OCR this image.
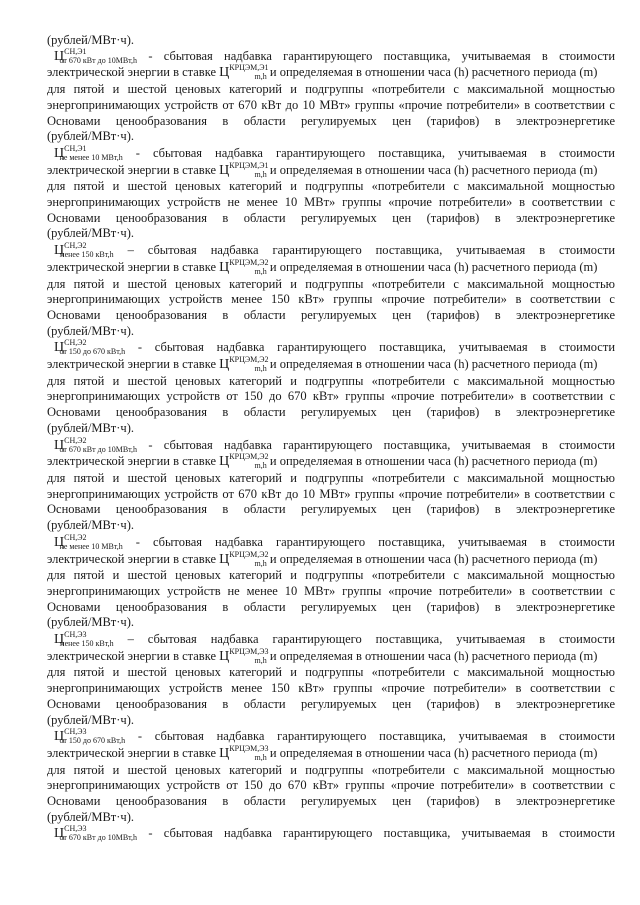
(рублей/МВт·ч).
$Ц^{СН,Э1}_{от 670 кВт до 10МВт,h}$ - сбытовая надбавка гарантирующего поставщика, учитываемая в стоимости
электрической энергии в ставке $Ц^{КРЦЭМ,Э1}_{m,h}$ и определяемая в отношении часа (h) расчетного периода (m)
для пятой и шестой ценовых категорий и подгруппы «потребители с максимальной мощностью
энергопринимающих устройств от 670 кВт до 10 МВт» группы «прочие потребители» в соответствии с
Основами ценообразования в области регулируемых цен (тарифов) в электроэнергетике
(рублей/МВт·ч).
$Ц^{СН,Э1}_{не менее 10 МВт,h}$ - сбытовая надбавка гарантирующего поставщика, учитываемая в стоимости
электрической энергии в ставке $Ц^{КРЦЭМ,Э1}_{m,h}$ и определяемая в отношении часа (h) расчетного периода (m)
для пятой и шестой ценовых категорий и подгруппы «потребители с максимальной мощностью
энергопринимающих устройств не менее 10 МВт» группы «прочие потребители» в соответствии с
Основами ценообразования в области регулируемых цен (тарифов) в электроэнергетике
(рублей/МВт·ч).
$Ц^{СН,Э2}_{менее 150 кВт,h}$ – сбытовая надбавка гарантирующего поставщика, учитываемая в стоимости
электрической энергии в ставке $Ц^{КРЦЭМ,Э2}_{m,h}$ и определяемая в отношении часа (h) расчетного периода (m)
для пятой и шестой ценовых категорий и подгруппы «потребители с максимальной мощностью
энергопринимающих устройств менее 150 кВт» группы «прочие потребители» в соответствии с
Основами ценообразования в области регулируемых цен (тарифов) в электроэнергетике
(рублей/МВт·ч).
$Ц^{СН,Э2}_{от 150 до 670 кВт,h}$ - сбытовая надбавка гарантирующего поставщика, учитываемая в стоимости
электрической энергии в ставке $Ц^{КРЦЭМ,Э2}_{m,h}$ и определяемая в отношении часа (h) расчетного периода (m)
для пятой и шестой ценовых категорий и подгруппы «потребители с максимальной мощностью
энергопринимающих устройств от 150 до 670 кВт» группы «прочие потребители» в соответствии с
Основами ценообразования в области регулируемых цен (тарифов) в электроэнергетике
(рублей/МВт·ч).
$Ц^{СН,Э2}_{от 670 кВт до 10МВт,h}$ - сбытовая надбавка гарантирующего поставщика, учитываемая в стоимости
электрической энергии в ставке $Ц^{КРЦЭМ,Э2}_{m,h}$ и определяемая в отношении часа (h) расчетного периода (m)
для пятой и шестой ценовых категорий и подгруппы «потребители с максимальной мощностью
энергопринимающих устройств от 670 кВт до 10 МВт» группы «прочие потребители» в соответствии с
Основами ценообразования в области регулируемых цен (тарифов) в электроэнергетике
(рублей/МВт·ч).
$Ц^{СН,Э2}_{не менее 10 МВт,h}$ - сбытовая надбавка гарантирующего поставщика, учитываемая в стоимости
электрической энергии в ставке $Ц^{КРЦЭМ,Э2}_{m,h}$ и определяемая в отношении часа (h) расчетного периода (m)
для пятой и шестой ценовых категорий и подгруппы «потребители с максимальной мощностью
энергопринимающих устройств не менее 10 МВт» группы «прочие потребители» в соответствии с
Основами ценообразования в области регулируемых цен (тарифов) в электроэнергетике
(рублей/МВт·ч).
$Ц^{СН,Э3}_{менее 150 кВт,h}$ – сбытовая надбавка гарантирующего поставщика, учитываемая в стоимости
электрической энергии в ставке $Ц^{КРЦЭМ,Э3}_{m,h}$ и определяемая в отношении часа (h) расчетного периода (m)
для пятой и шестой ценовых категорий и подгруппы «потребители с максимальной мощностью
энергопринимающих устройств менее 150 кВт» группы «прочие потребители» в соответствии с
Основами ценообразования в области регулируемых цен (тарифов) в электроэнергетике
(рублей/МВт·ч).
$Ц^{СН,Э3}_{от 150 до 670 кВт,h}$ - сбытовая надбавка гарантирующего поставщика, учитываемая в стоимости
электрической энергии в ставке $Ц^{КРЦЭМ,Э3}_{m,h}$ и определяемая в отношении часа (h) расчетного периода (m)
для пятой и шестой ценовых категорий и подгруппы «потребители с максимальной мощностью
энергопринимающих устройств от 150 до 670 кВт» группы «прочие потребители» в соответствии с
Основами ценообразования в области регулируемых цен (тарифов) в электроэнергетике
(рублей/МВт·ч).
$Ц^{СН,Э3}_{от 670 кВт до 10МВт,h}$ - сбытовая надбавка гарантирующего поставщика, учитываемая в стоимости
